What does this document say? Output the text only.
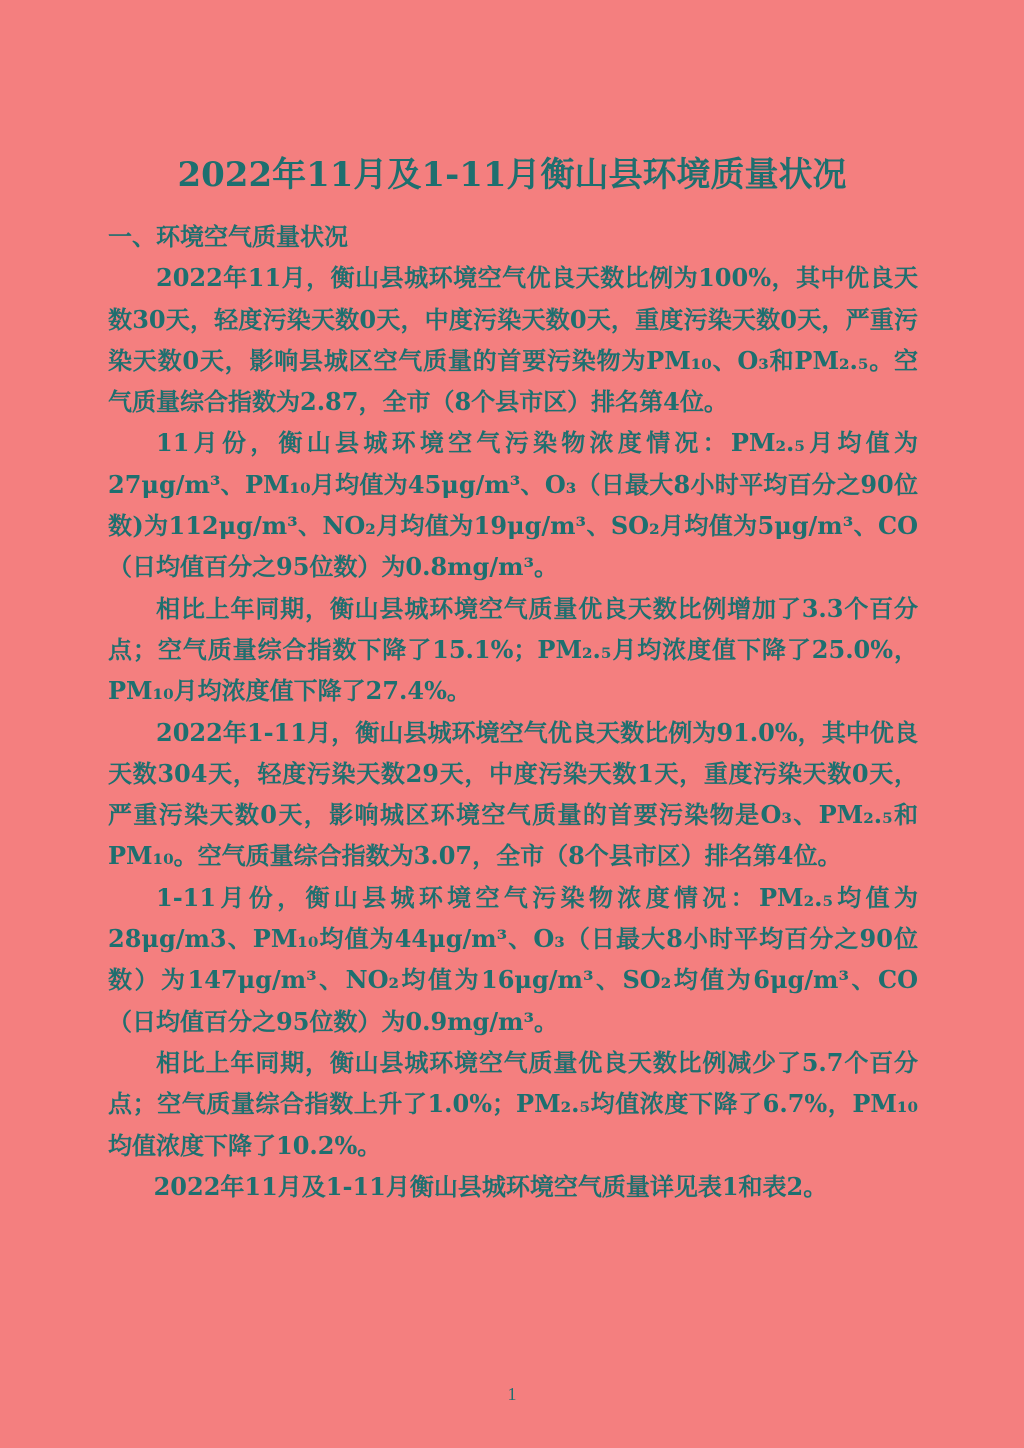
2022年11月及1-11月衡山县环境质量状况

一、环境空气质量状况

2022年11月，衡山县城环境空气优良天数比例为100%，其中优良天数30天，轻度污染天数0天，中度污染天数0天，重度污染天数0天，严重污染天数0天，影响县城区空气质量的首要污染物为PM₁₀、O₃和PM₂.₅。空气质量综合指数为2.87，全市（8个县市区）排名第4位。

11月份，衡山县城环境空气污染物浓度情况：PM₂.₅月均值为27μg/m³、PM₁₀月均值为45μg/m³、O₃（日最大8小时平均百分之90位数)为112μg/m³、NO₂月均值为19μg/m³、SO₂月均值为5μg/m³、CO（日均值百分之95位数）为0.8mg/m³。

相比上年同期，衡山县城环境空气质量优良天数比例增加了3.3个百分点；空气质量综合指数下降了15.1%；PM₂.₅月均浓度值下降了25.0%，PM₁₀月均浓度值下降了27.4%。

2022年1-11月，衡山县城环境空气优良天数比例为91.0%，其中优良天数304天，轻度污染天数29天，中度污染天数1天，重度污染天数0天，严重污染天数0天，影响城区环境空气质量的首要污染物是O₃、PM₂.₅和PM₁₀。空气质量综合指数为3.07，全市（8个县市区）排名第4位。

1-11月份，衡山县城环境空气污染物浓度情况：PM₂.₅均值为28μg/m3、PM₁₀均值为44μg/m³、O₃（日最大8小时平均百分之90位数）为147μg/m³、NO₂均值为16μg/m³、SO₂均值为6μg/m³、CO（日均值百分之95位数）为0.9mg/m³。

相比上年同期，衡山县城环境空气质量优良天数比例减少了5.7个百分点；空气质量综合指数上升了1.0%；PM₂.₅均值浓度下降了6.7%，PM₁₀均值浓度下降了10.2%。

2022年11月及1-11月衡山县城环境空气质量详见表1和表2。

1
